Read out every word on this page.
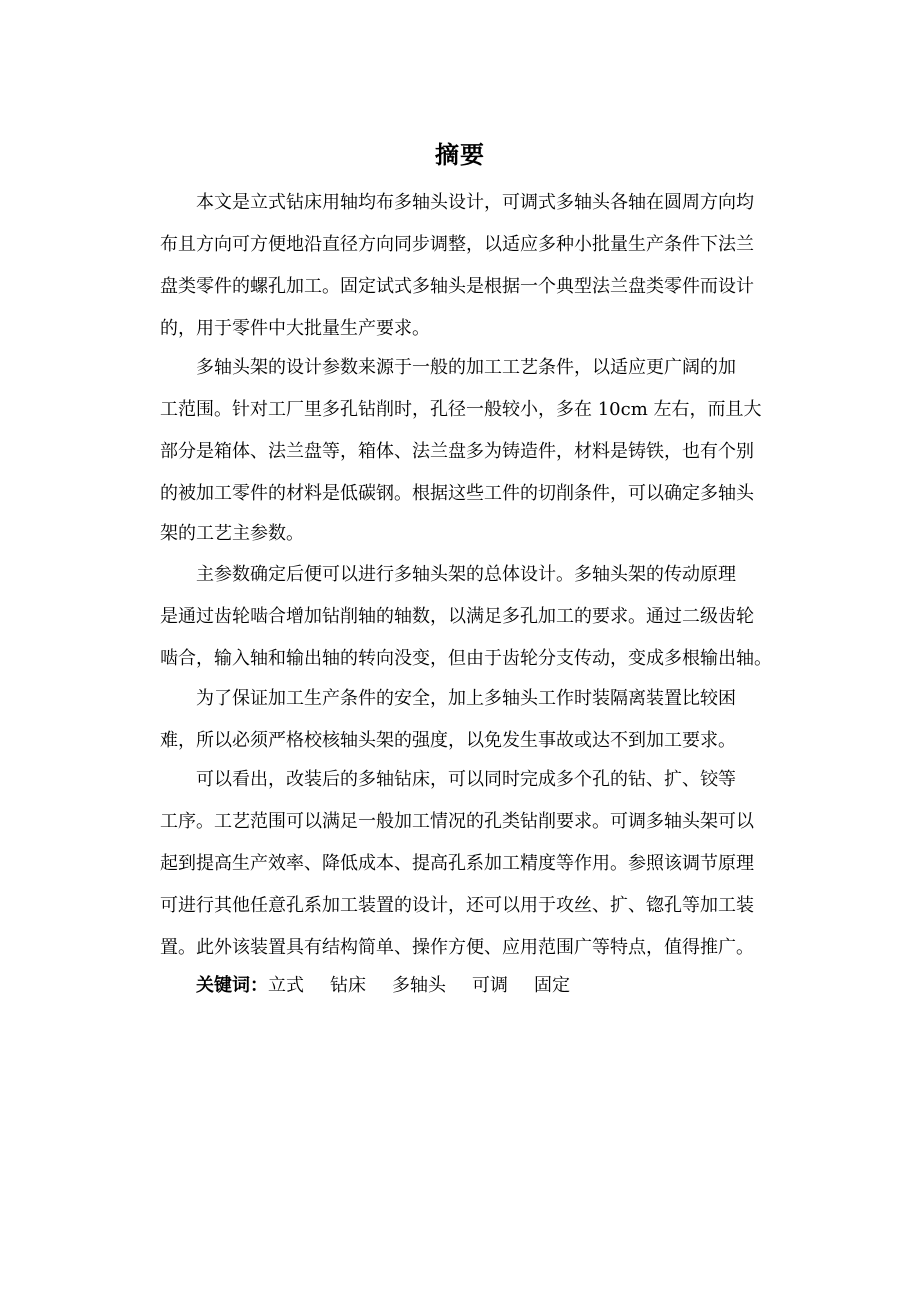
摘要
本文是立式钻床用轴均布多轴头设计，可调式多轴头各轴在圆周方向均
布且方向可方便地沿直径方向同步调整，以适应多种小批量生产条件下法兰
盘类零件的螺孔加工。固定试式多轴头是根据一个典型法兰盘类零件而设计
的，用于零件中大批量生产要求。
多轴头架的设计参数来源于一般的加工工艺条件，以适应更广阔的加
工范围。针对工厂里多孔钻削时，孔径一般较小，多在 10cm 左右，而且大
部分是箱体、法兰盘等，箱体、法兰盘多为铸造件，材料是铸铁，也有个别
的被加工零件的材料是低碳钢。根据这些工件的切削条件，可以确定多轴头
架的工艺主参数。
主参数确定后便可以进行多轴头架的总体设计。多轴头架的传动原理
是通过齿轮啮合增加钻削轴的轴数，以满足多孔加工的要求。通过二级齿轮
啮合，输入轴和输出轴的转向没变，但由于齿轮分支传动，变成多根输出轴。
为了保证加工生产条件的安全，加上多轴头工作时装隔离装置比较困
难，所以必须严格校核轴头架的强度，以免发生事故或达不到加工要求。
可以看出，改装后的多轴钻床，可以同时完成多个孔的钻、扩、铰等
工序。工艺范围可以满足一般加工情况的孔类钻削要求。可调多轴头架可以
起到提高生产效率、降低成本、提高孔系加工精度等作用。参照该调节原理
可进行其他任意孔系加工装置的设计，还可以用于攻丝、扩、锪孔等加工装
置。此外该装置具有结构简单、操作方便、应用范围广等特点，值得推广。
关键词：立式 钻床 多轴头 可调 固定
